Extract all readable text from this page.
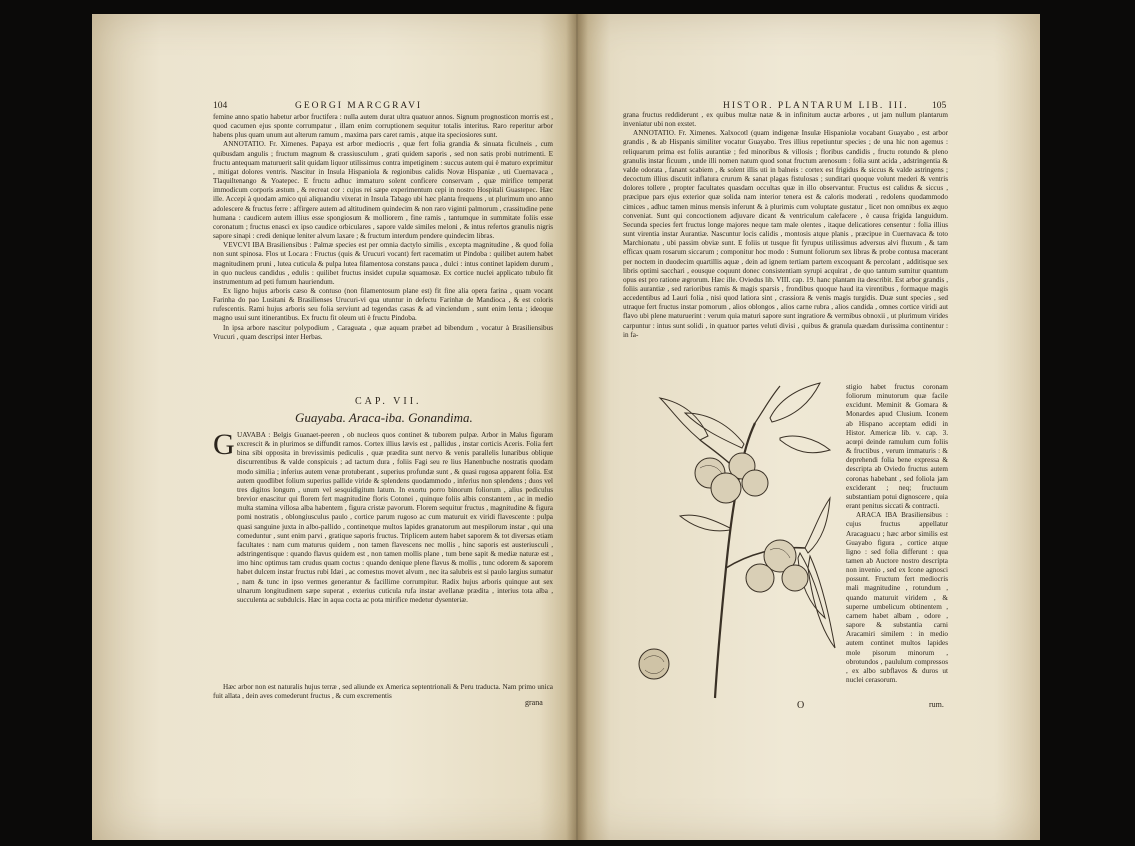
104	GEORGI MARCGRAVI

femine anno spatio habetur arbor fructifera : nulla autem durat ultra quatuor annos. Signum prognosticon morris est , quod cacumen ejus sponte corrumpatur , illam enim corruptionem sequitur totalis interitus. Raro reperitur arbor habens plus quam unum aut alterum ramum , maxima pars caret ramis , atque ita speciosiores sunt.

ANNOTATIO. Fr. Ximenes. Papaya est arbor mediocris , quæ fert folia grandia & sinuata ficulneis , cum quibusdam angulis ; fructum magnum & crassiusculum , grati quidem saporis , sed non satis probi nutrimenti. E fructu antequam maturuerit salit quidam liquor utilissimus contra impetiginem : succus autem qui è maturo exprimitur , mitigat dolores ventris. Nascitur in Insula Hispaniola & regionibus calidis Novæ Hispaniæ , uti Cuernavaca , Tlaquiltenango & Yoatepec. E fructu adhuc immaturo solent conficere conservam , quæ mirifice temperat immodicum corporis æstum , & recreat cor : cujus rei sæpe experimentum cepi in nostro Hospitali Guastepec. Hæc ille. Accepi à quodam amico qui aliquandiu vixerat in Insula Tabago ubi hæc planta frequens , ut plurimum uno anno adolescere & fructus ferre : affirgere autem ad altitudinem quindecim & non raro viginti palmorum , crassitudine pene humana : caudicem autem illius esse spongiosum & molliorem , fine ramis , tantumque in summitate foliis esse coronatum ; fructus enasci ex ipso caudice orbiculares , sapore valde similes meloni , & intus refertos granulis nigris sapore sinapi : credi denique leniter alvum laxare ; & fructum interdum pendere quindecim libras.

VEVCVI IBA Brasiliensibus : Palmæ species est per omnia dactylo similis , excepta magnitudine , & quod folia non sunt spinosa. Flos ut Locara : Fructus (quis & Urucuri vocant) fert racematim ut Pindoba : quilibet autem habet magnitudinem pruni , lutea cuticula & pulpa lutea filamentosa constans pauca , dulci : intus continet lapidem durum , in quo nucleus candidus , edulis : quilibet fructus insidet cupulæ squamosæ. Ex cortice nuclei applicato tubulo fit instrumentum ad peti fumum hauriendum.

Ex ligno hujus arboris cæso & contuso (non filamentosum plane est) fit fine alia opera farina , quam vocant Farinha do pao Lusitani & Brasilienses Urucuri-vi qua utuntur in defectu Farinhæ de Mandioca , & est coloris rufescentis. Rami hujus arboris seu folia serviunt ad tegendas casas & ad vinciendum , sunt enim lenta ; ideoque magno usui sunt itinerantibus. Ex fructu fit oleum uti è fructu Pindoba.

In ipsa arbore nascitur polypodium , Caraguata , quæ aquam præbet ad bibendum , vocatur à Brasiliensibus Vrucuri , quam descripsi inter Herbas.

CAP. VII.
Guayaba. Araca-iba. Gonandima.
G UAVABA : Belgis Guanaet-peeren , ob nucleos quos continet & tuborem pulpæ. Arbor in Malus figuram excrescit & in plurimos se diffundit ramos. Cortex illius lævis est , pallidus , instar corticis Aceris. Folia fert bina sibi opposita in brevissimis pediculis , quæ prædita sunt nervo & venis parallelis lunaribus oblique discurrentibus & valde conspicuis ; ad tactum dura , foliis Fagi seu re lius Hanenbuche nostratis quodam modo similia ; inferius autem venæ protuberant , superius profundæ sunt , & quasi rugosa apparent folia. Est autem quodlibet folium superius pallide viride & splendens quodammodo , inferius non splendens ; duos vel tres digitos longum , unum vel sesquidigitum latum. In exortu porro binorum foliorum , alius pediculus brevior enascitur qui florem fert magnitudine floris Cotonei , quinque foliis albis constantem , ac in medio multa stamina villosa alba habentem , figura cristæ pavorum. Florem sequitur fructus , magnitudine & figura pomi nostratis , oblongiusculus paulo , cortice parum rugoso ac cum maturuit ex viridi flavescente : pulpa quasi sanguine juxta in albo-pallido , continetque multos lapides granatorum aut mespilorum instar , qui una comeduntur , sunt enim parvi , gratique saporis fructus. Triplicem autem habet saporem & tot diversas etiam facultates : nam cum maturus quidem , non tamen flavescens nec mollis , hinc saporis est austeriusculi , adstringentisque : quando flavus quidem est , non tamen mollis plane , tum bene sapit & mediæ naturæ est , imo hinc optimus tam crudus quam coctus : quando denique plene flavus & mollis , tunc odorem & saporem habet dulcem instar fructus rubi Idæi , ac comestus movet alvum , nec ita salubris est si paulo largius sumatur , nam & tunc in ipso vermes generantur & facillime corrumpitur. Radix hujus arboris quinque aut sex ulnarum longitudinem sæpe superat , exterius cuticula rufa instar avellanæ prædita , interius tota alba , succulenta ac subdulcis. Hæc in aqua cocta ac pota mirifice medetur dysenteriæ.

Hæc arbor non est naturalis hujus terræ , sed aliunde ex America septentrionali & Peru traducta. Nam primo unica fuit allata , dein aves comederunt fructus , & cum excrementis

grana
HISTOR. PLANTARUM LIB. III. 105

grana fructus reddiderunt , ex quibus multæ natæ & in infinitum auctæ arbores , ut jam nullum plantarum inveniatur ubi non exstet.

ANNOTATIO. Fr. Ximenes. Xalxocotl (quam indigenæ Insulæ Hispaniolæ vocabant Guayabo , est arbor grandis , & ab Hispanis similiter vocatur Guayabo. Tres illius repetiuntur species ; de una hic non agemus : reliquarum prima est foliis aurantiæ ; fed minoribus & villosis ; floribus candidis , fructu rotundo & pleno granulis instar ficuum , unde illi nomen natum quod sonat fructum arenosum : folia sunt acida , adstringentia & valde odorata , fanant scabiem , & solent illis uti in balneis : cortex est frigidus & siccus & valde astringens ; decoctum illius discutit inflatura crurum & sanat plagas fistulosas ; sunditari quoque volunt mederi & ventris dolores tollere , propter facultates quasdam occultas quæ in illo observantur. Fructus est calidus & siccus , præcipue pars ejus exterior quæ solida nam interior tenera est & caloris moderati , redolens quodammodo cimices , adhuc tamen minus mensis inferunt & à plurimis cum voluptate gustatur , licet non omnibus ex æquo conveniat. Sunt qui concoctionem adjuvare dicant & ventriculum calefacere , è causa frigida languidum. Secunda species fert fructus longe majores neque tam male olentes , itaque delicatiores censentur : folia illius sunt virentia instar Aurantiæ. Nascuntur locis calidis , montosis atque planis , præcipue in Cuernavaca & toto Marchionatu , ubi passim obviæ sunt. E foliis ut tusque fit fyrupus utilissimus adversus alvi fluxum , & tam efficax quam rosarum siccarum ; componitur hoc modo : Sumunt foliorum sex libras & probe contusa macerant per noctem in duodecim quartillis aquæ , dein ad ignem tertiam partem excoquant & percolant , additisque sex libris optimi sacchari , eousque coquunt donec consistentiam syrupi acquirat , de quo tantum sumitur quantum opus est pro ratione ægrorum. Hæc ille. Oviedus lib. VIII. cap. 19. hanc plantam ita describit. Est arbor grandis , foliis aurantiæ , sed rarioribus ramis & magis sparsis , frondibus quoque haud ita virentibus , formaque magis accedentibus ad Lauri folia , nisi quod latiora sint , crassiora & venis magis turgidis. Duæ sunt species , sed utraque fert fructus instar pomorum , alios oblongos , alios carne rubra , alios candida , omnes cortice viridi aut flavo ubi plene maturuerint : verum quia maturi sapore sunt ingratiore & vermibus obnoxii , ut plurimum virides carpuntur : intus sunt solidi , in quatuor partes veluti divisi , quibus & granula quædam durissima continentur : in fa-

stigio habet fructus coronam foliorum minutorum quæ facile excidunt. Meminit & Gomara & Monardes apud Clusium. Iconem ab Hispano acceptam edidi in Histor. Americæ lib. v. cap. 3. acœpi deinde ramulum cum foliis & fructibus , verum immaturis : & deprehendi folia bene expressa & descripta ab Oviedo fructus autem coronas habebant , sed foliola jam exciderant ; neq; fructuum substantiam potui dignoscere , quia erant penitus siccati & contracti.

ARACA IBA Brasiliensibus : cujus fructus appellatur Aracaguacu ; hæc arbor similis est Guayabo figura , cortice atque ligno : sed folia differunt : qua tamen ab Auctore nostro descripta non invenio , sed ex Icone agnosci possunt. Fructum fert mediocris mali magnitudine , rotundum , quando maturuit viridem , & superne umbelicum obtinentem , carnem habet albam , odore , sapore & substantia carni Aracamiri similem : in medio autem continet multos lapides mole pisorum minorum , obrotundos , paululum compressos , ex albo subflavos & duros ut nuclei cerasorum.

O	rum.
